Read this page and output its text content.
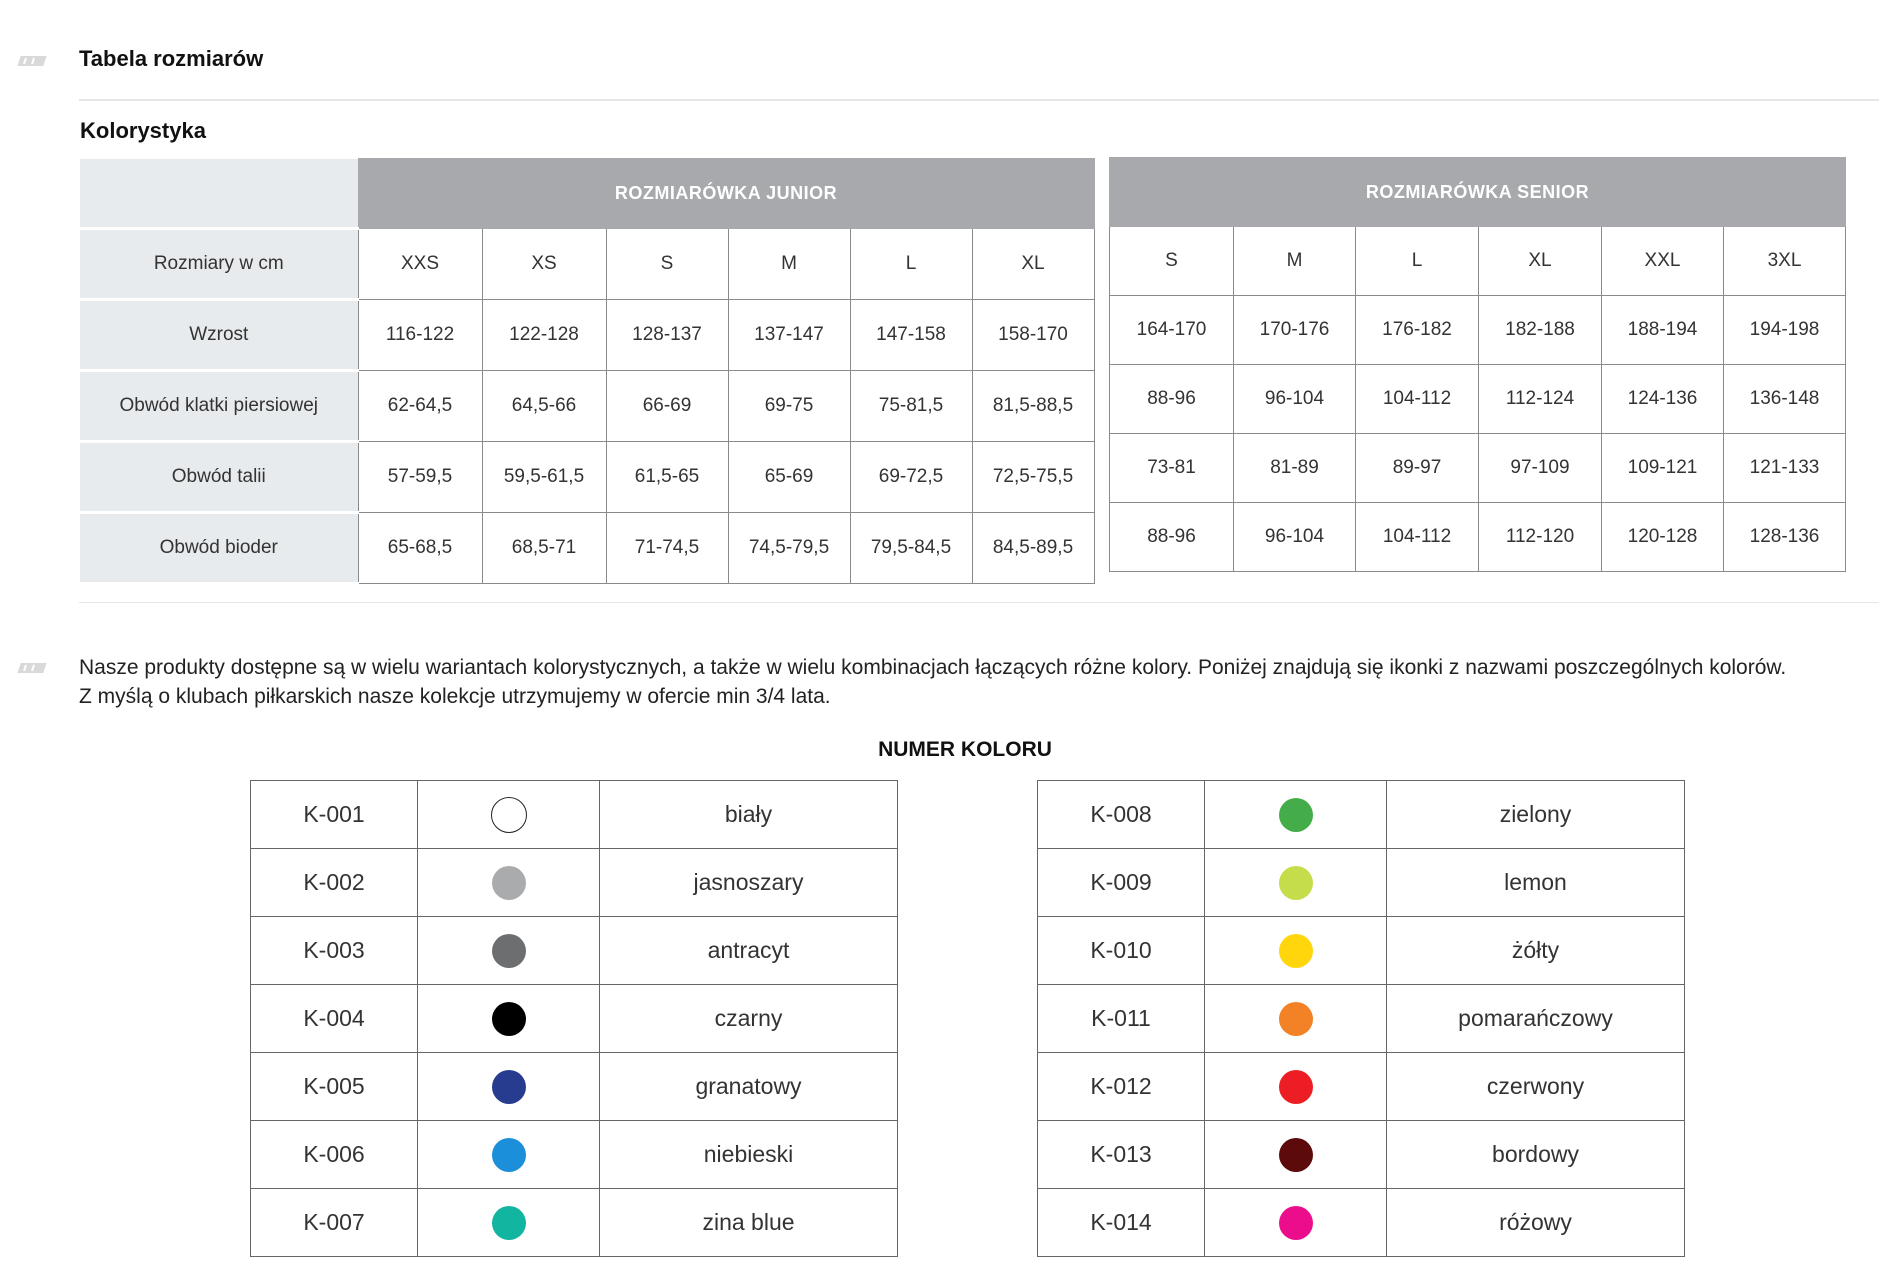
Tabela rozmiarów
Kolorystyka
	ROZMIARÓWKA JUNIOR					
Rozmiary w cm	XXS	XS	S	M	L	XL
Wzrost	116-122	122-128	128-137	137-147	147-158	158-170
Obwód klatki piersiowej	62-64,5	64,5-66	66-69	69-75	75-81,5	81,5-88,5
Obwód talii	57-59,5	59,5-61,5	61,5-65	65-69	69-72,5	72,5-75,5
Obwód bioder	65-68,5	68,5-71	71-74,5	74,5-79,5	79,5-84,5	84,5-89,5
ROZMIARÓWKA SENIOR					
S	M	L	XL	XXL	3XL
164-170	170-176	176-182	182-188	188-194	194-198
88-96	96-104	104-112	112-124	124-136	136-148
73-81	81-89	89-97	97-109	109-121	121-133
88-96	96-104	104-112	112-120	120-128	128-136

Nasze produkty dostępne są w wielu wariantach kolorystycznych, a także w wielu kombinacjach łączących różne kolory. Poniżej znajdują się ikonki z nazwami poszczególnych kolorów.

Z myślą o klubach piłkarskich nasze kolekcje utrzymujemy w ofercie min 3/4 lata.

NUMER KOLORU
K-001		biały
K-002		jasnoszary
K-003		antracyt
K-004		czarny
K-005		granatowy
K-006		niebieski
K-007		zina blue
K-008		zielony
K-009		lemon
K-010		żółty
K-011		pomarańczowy
K-012		czerwony
K-013		bordowy
K-014		różowy
